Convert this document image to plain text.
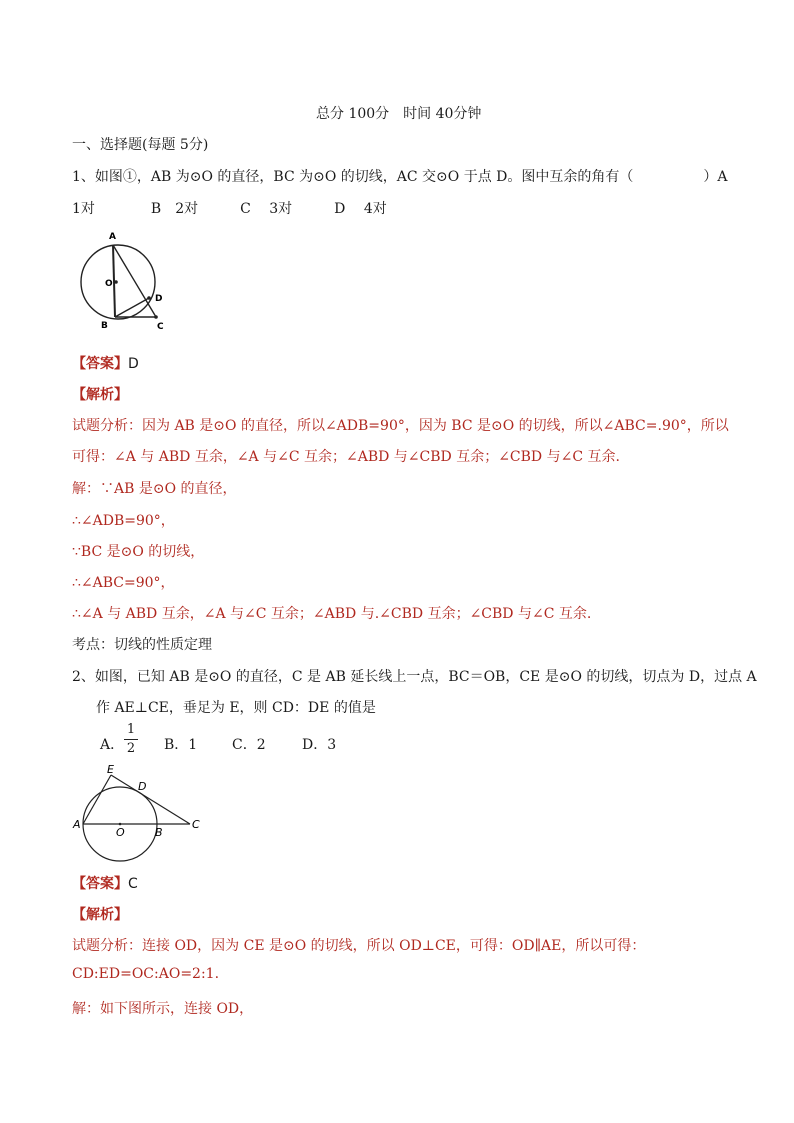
总分 100分　时间 40分钟
一、选择题(每题 5分)
1、如图①，AB 为⊙O 的直径，BC 为⊙O 的切线，AC 交⊙O 于点 D。图中互余的角有（　　　　　）A
1对　　　　B　2对　　　C　 3对　　　D　 4对
A
O
D
B	C
【答案】D
【解析】
试题分析：因为 AB 是⊙O 的直径，所以∠ADB=90°，因为 BC 是⊙O 的切线，所以∠ABC=.90°，所以
可得：∠A 与 ABD 互余，∠A 与∠C 互余；∠ABD 与∠CBD 互余；∠CBD 与∠C 互余.
解：∵AB 是⊙O 的直径，
∴∠ADB=90°，
∵BC 是⊙O 的切线，
∴∠ABC=90°，
∴∠A 与 ABD 互余，∠A 与∠C 互余；∠ABD 与.∠CBD 互余；∠CBD 与∠C 互余.
考点：切线的性质定理
2、如图，已知 AB 是⊙O 的直径，C 是 AB 延长线上一点，BC＝OB，CE 是⊙O 的切线，切点为 D，过点 A
作 AE⊥CE，垂足为 E，则 CD：DE 的值是
A．
1
2 B．1 C．2	D．3
E
D
A
O	B
C
【答案】C
【解析】
试题分析：连接 OD，因为 CE 是⊙O 的切线，所以 OD⊥CE，可得：OD∥AE，所以可得：
CD:ED=OC:AO=2:1.
解：如下图所示，连接 OD，
